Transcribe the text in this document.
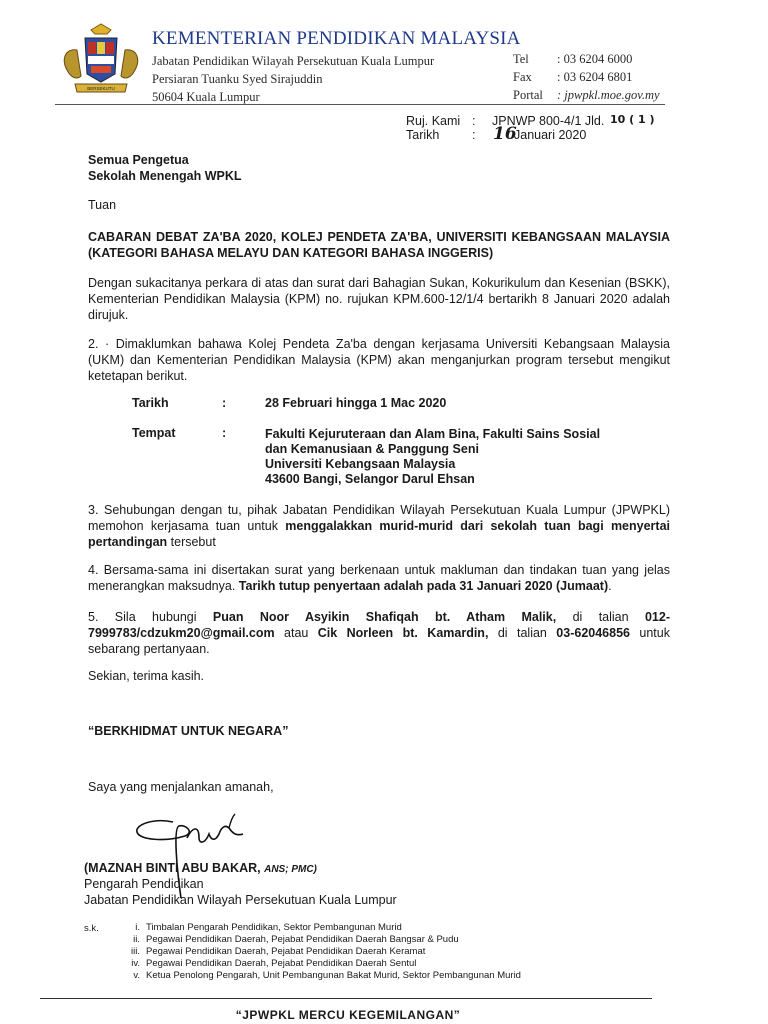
BERSEKUTU
KEMENTERIAN PENDIDIKAN MALAYSIA
Jabatan Pendidikan Wilayah Persekutuan Kuala Lumpur
Persiaran Tuanku Syed Sirajuddin
50604 Kuala Lumpur
Tel	: 03 6204 6000
Fax	: 03 6204 6801
Portal	: jpwpkl.moe.gov.my
Ruj. Kami : JPNWP 800-4/1 Jld. 10 ( 1 )
Tarikh	: 16
Januari 2020
Semua Pengetua
Sekolah Menengah WPKL
Tuan
CABARAN DEBAT ZA'BA 2020, KOLEJ PENDETA ZA'BA, UNIVERSITI KEBANGSAAN MALAYSIA (KATEGORI BAHASA MELAYU DAN KATEGORI BAHASA INGGERIS)
Dengan sukacitanya perkara di atas dan surat dari Bahagian Sukan, Kokurikulum dan Kesenian (BSKK), Kementerian Pendidikan Malaysia (KPM) no. rujukan KPM.600-12/1/4 bertarikh 8 Januari 2020 adalah dirujuk.
2. · Dimaklumkan bahawa Kolej Pendeta Za'ba dengan kerjasama Universiti Kebangsaan Malaysia (UKM) dan Kementerian Pendidikan Malaysia (KPM) akan menganjurkan program tersebut mengikut ketetapan berikut.
Tarikh	:	28 Februari hingga 1 Mac 2020
Tempat	:	Fakulti Kejuruteraan dan Alam Bina, Fakulti Sains Sosial
dan Kemanusiaan & Panggung Seni
Universiti Kebangsaan Malaysia
43600 Bangi, Selangor Darul Ehsan
3. Sehubungan dengan tu, pihak Jabatan Pendidikan Wilayah Persekutuan Kuala Lumpur (JPWPKL) memohon kerjasama tuan untuk menggalakkan murid-murid dari sekolah tuan bagi menyertai pertandingan tersebut
4. Bersama-sama ini disertakan surat yang berkenaan untuk makluman dan tindakan tuan yang jelas menerangkan maksudnya. Tarikh tutup penyertaan adalah pada 31 Januari 2020 (Jumaat).
5. Sila hubungi Puan Noor Asyikin Shafiqah bt. Atham Malik, di talian 012-7999783/cdzukm20@gmail.com atau Cik Norleen bt. Kamardin, di talian 03-62046856 untuk sebarang pertanyaan.
Sekian, terima kasih.
“BERKHIDMAT UNTUK NEGARA”
Saya yang menjalankan amanah,
(MAZNAH BINTI ABU BAKAR, ANS; PMC)
Pengarah Pendidikan
Jabatan Pendidikan Wilayah Persekutuan Kuala Lumpur
s.k.	i.	Timbalan Pengarah Pendidikan, Sektor Pembangunan Murid
ii.	Pegawai Pendidikan Daerah, Pejabat Pendidikan Daerah Bangsar & Pudu
iii.	Pegawai Pendidikan Daerah, Pejabat Pendidikan Daerah Keramat
iv.	Pegawai Pendidikan Daerah, Pejabat Pendidikan Daerah Sentul
v.	Ketua Penolong Pengarah, Unit Pembangunan Bakat Murid, Sektor Pembangunan Murid
“JPWPKL MERCU KEGEMILANGAN”
